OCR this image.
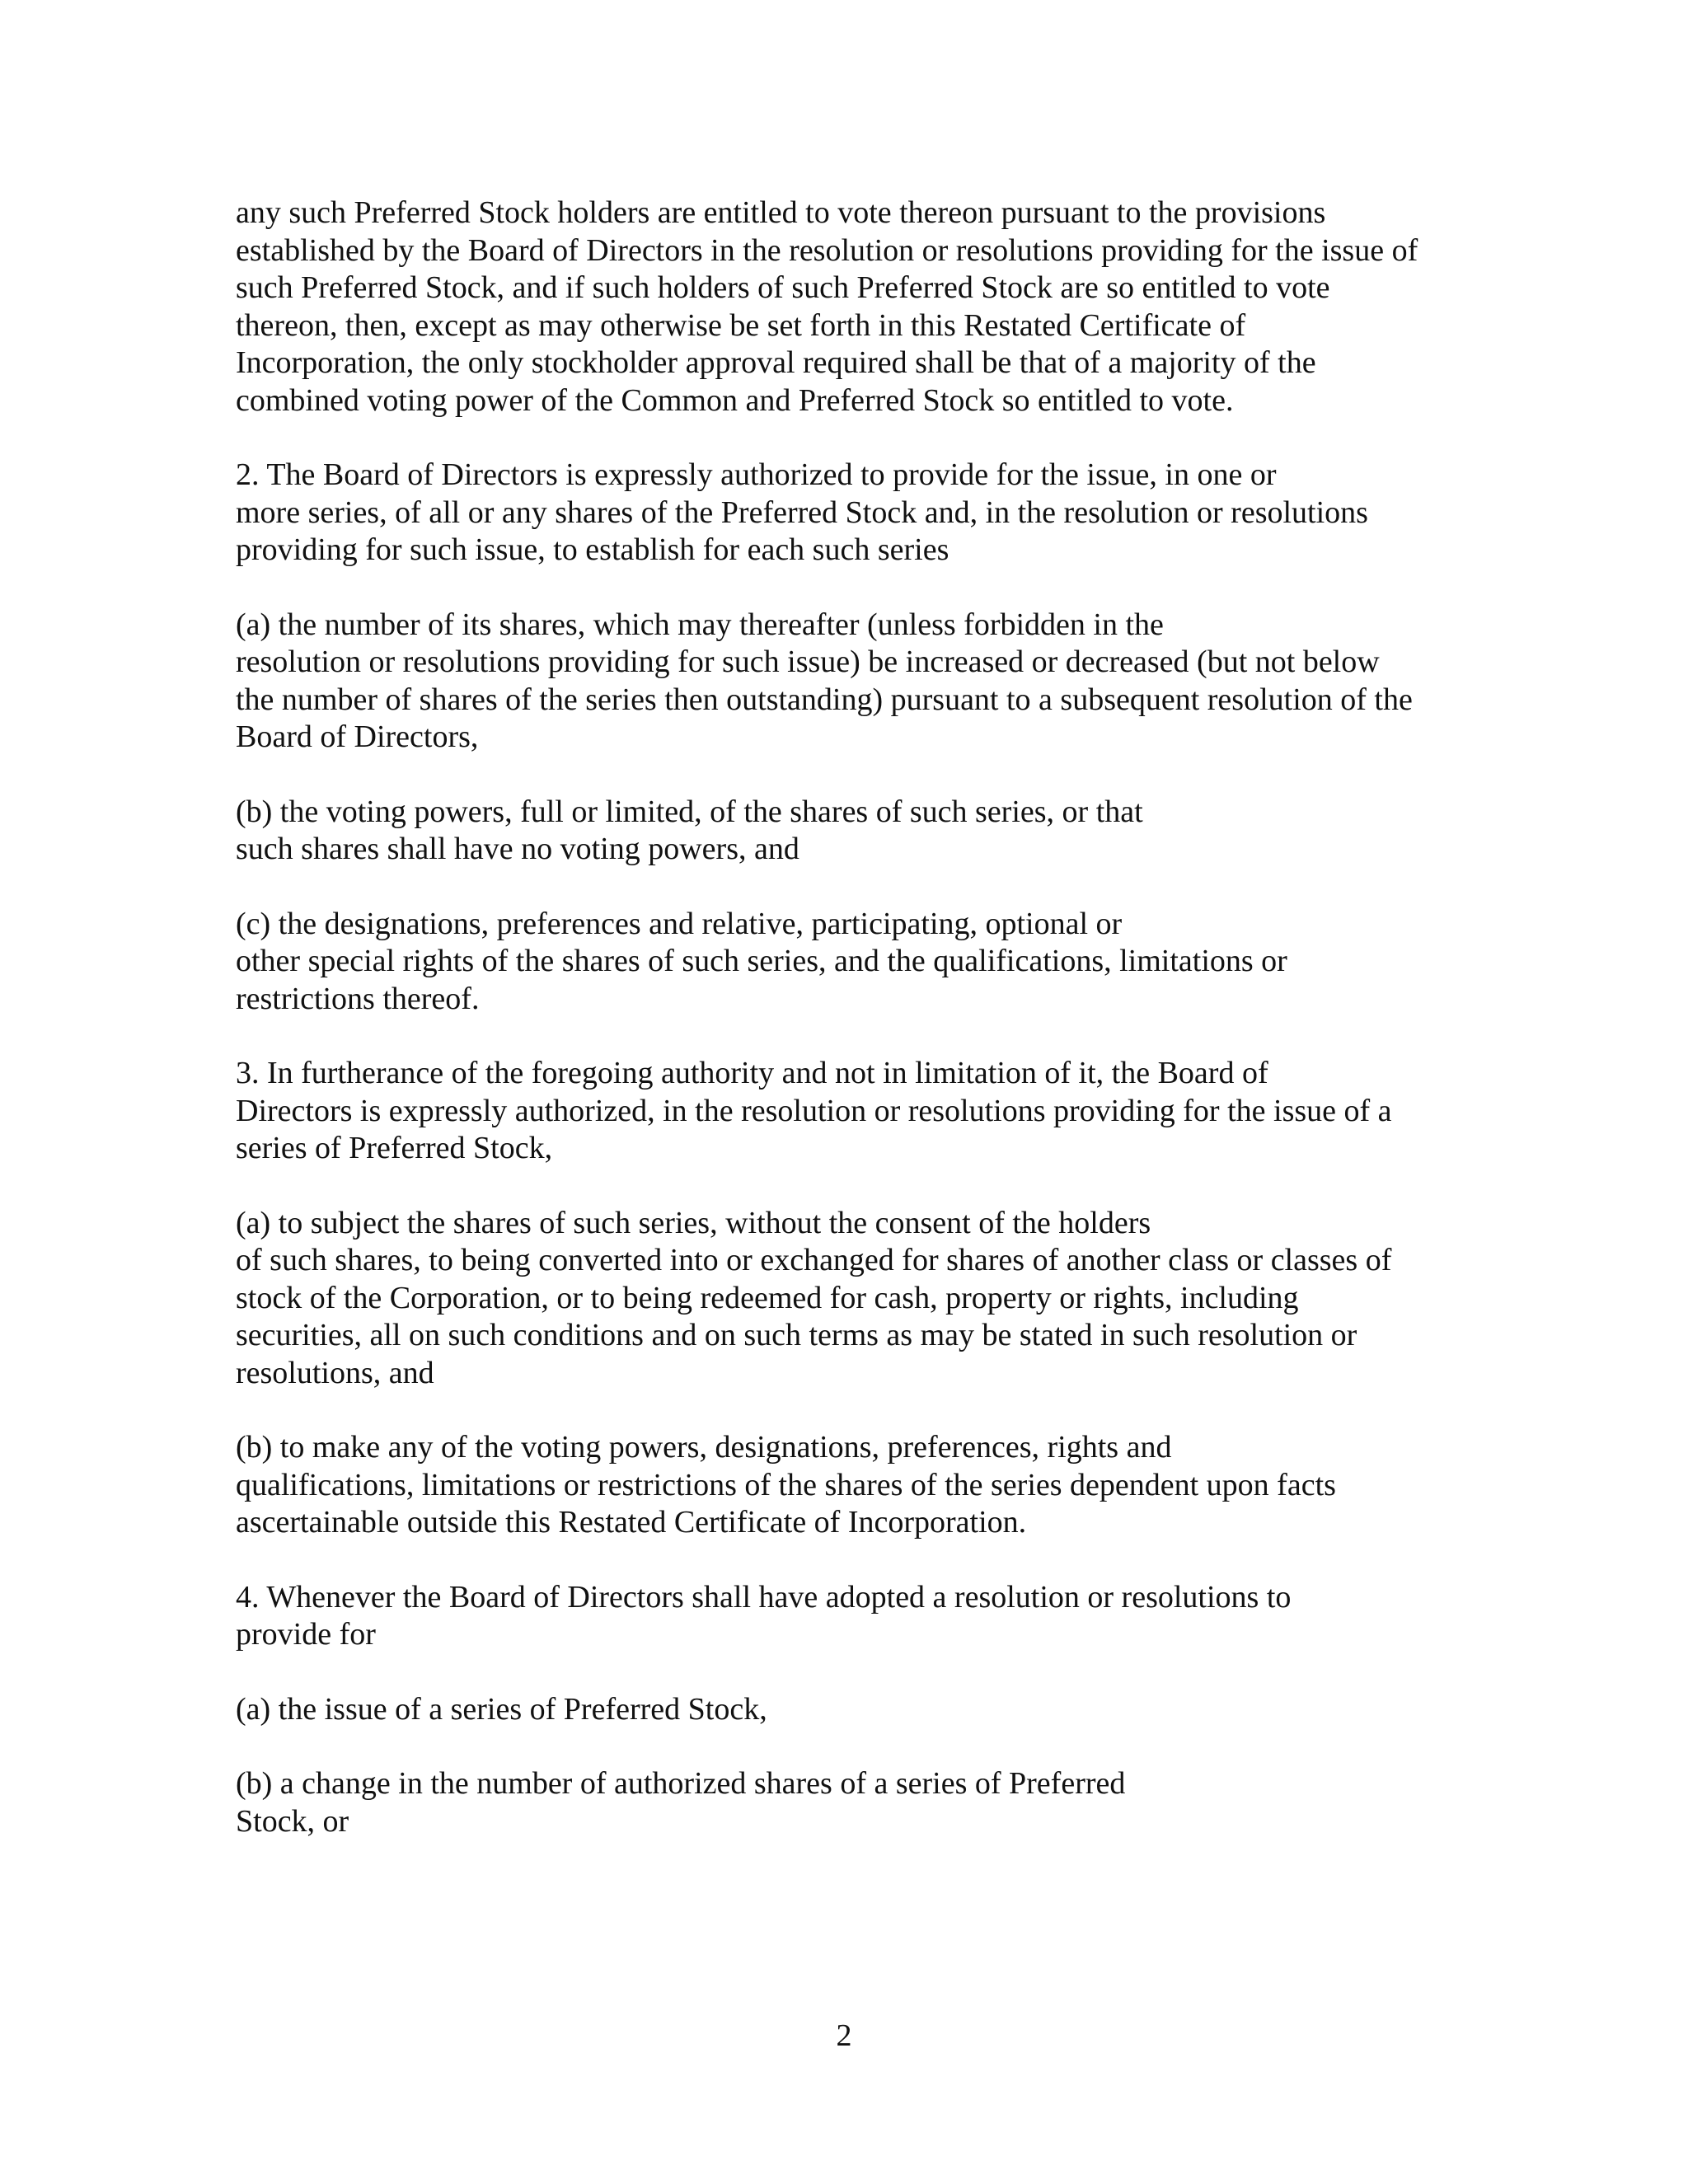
any such Preferred Stock holders are entitled to vote thereon pursuant to the provisions
established by the Board of Directors in the resolution or resolutions providing for the issue of
such Preferred Stock, and if such holders of such Preferred Stock are so entitled to vote
thereon, then, except as may otherwise be set forth in this Restated Certificate of
Incorporation, the only stockholder approval required shall be that of a majority of the
combined voting power of the Common and Preferred Stock so entitled to vote.

2. The Board of Directors is expressly authorized to provide for the issue, in one or
more series, of all or any shares of the Preferred Stock and, in the resolution or resolutions
providing for such issue, to establish for each such series

(a) the number of its shares, which may thereafter (unless forbidden in the
resolution or resolutions providing for such issue) be increased or decreased (but not below
the number of shares of the series then outstanding) pursuant to a subsequent resolution of the
Board of Directors,

(b) the voting powers, full or limited, of the shares of such series, or that
such shares shall have no voting powers, and

(c) the designations, preferences and relative, participating, optional or
other special rights of the shares of such series, and the qualifications, limitations or
restrictions thereof.

3. In furtherance of the foregoing authority and not in limitation of it, the Board of
Directors is expressly authorized, in the resolution or resolutions providing for the issue of a
series of Preferred Stock,

(a) to subject the shares of such series, without the consent of the holders
of such shares, to being converted into or exchanged for shares of another class or classes of
stock of the Corporation, or to being redeemed for cash, property or rights, including
securities, all on such conditions and on such terms as may be stated in such resolution or
resolutions, and

(b) to make any of the voting powers, designations, preferences, rights and
qualifications, limitations or restrictions of the shares of the series dependent upon facts
ascertainable outside this Restated Certificate of Incorporation.

4. Whenever the Board of Directors shall have adopted a resolution or resolutions to
provide for

(a) the issue of a series of Preferred Stock,

(b) a change in the number of authorized shares of a series of Preferred
Stock, or

2
